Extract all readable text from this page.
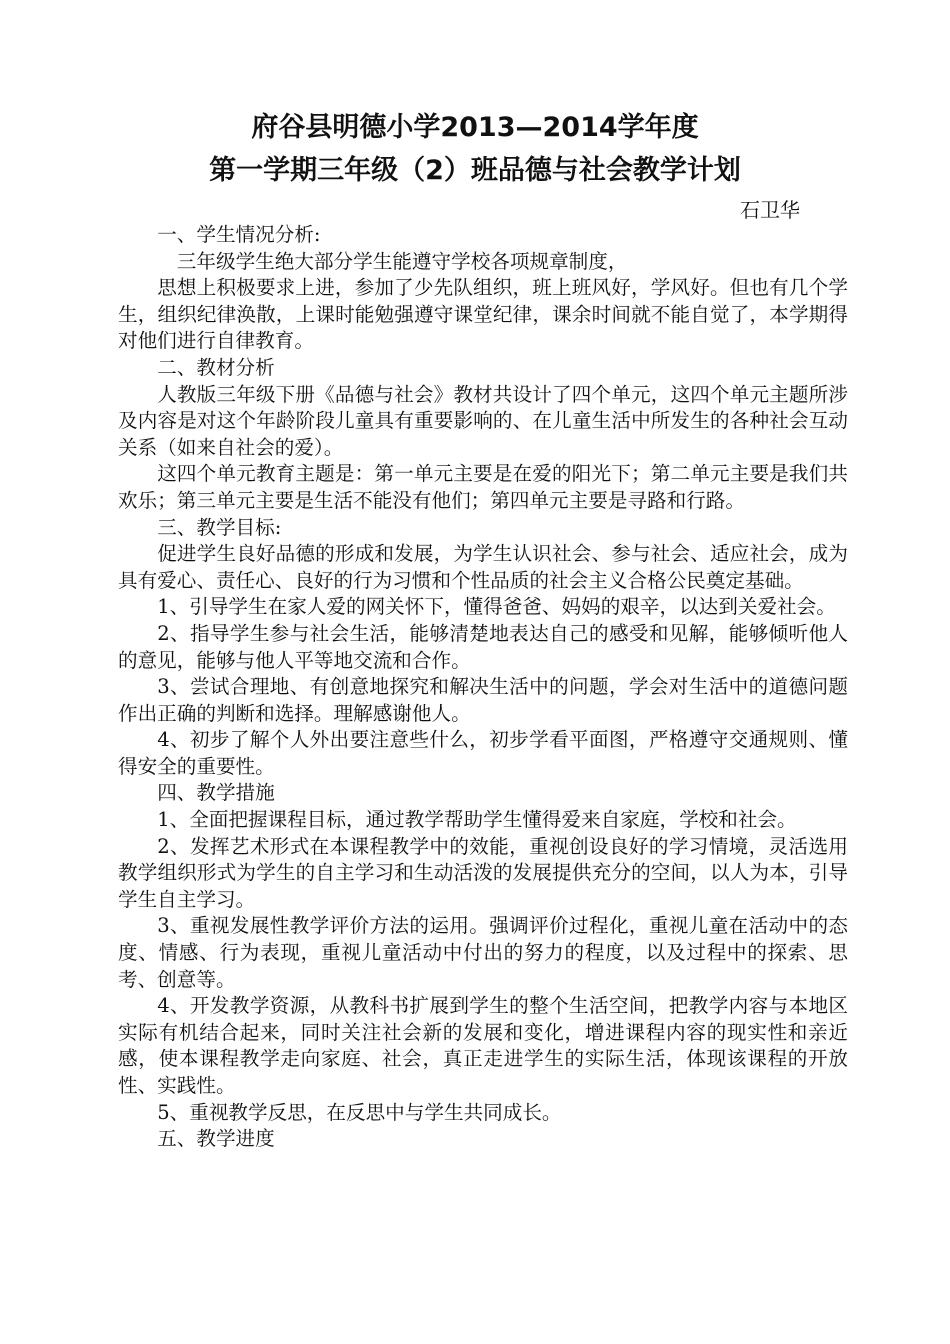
府谷县明德小学2013—2014学年度
第一学期三年级（2）班品德与社会教学计划
石卫华

一、学生情况分析:

三年级学生绝大部分学生能遵守学校各项规章制度，

思想上积极要求上进，参加了少先队组织，班上班风好，学风好。但也有几个学生，组织纪律涣散，上课时能勉强遵守课堂纪律，课余时间就不能自觉了，本学期得对他们进行自律教育。

二、教材分析

人教版三年级下册《品德与社会》教材共设计了四个单元，这四个单元主题所涉及内容是对这个年龄阶段儿童具有重要影响的、在儿童生活中所发生的各种社会互动关系（如来自社会的爱）。

这四个单元教育主题是：第一单元主要是在爱的阳光下；第二单元主要是我们共欢乐；第三单元主要是生活不能没有他们；第四单元主要是寻路和行路。

三、教学目标:

促进学生良好品德的形成和发展，为学生认识社会、参与社会、适应社会，成为具有爱心、责任心、良好的行为习惯和个性品质的社会主义合格公民奠定基础。

1、引导学生在家人爱的网关怀下，懂得爸爸、妈妈的艰辛，以达到关爱社会。

2、指导学生参与社会生活，能够清楚地表达自己的感受和见解，能够倾听他人的意见，能够与他人平等地交流和合作。

3、尝试合理地、有创意地探究和解决生活中的问题，学会对生活中的道德问题作出正确的判断和选择。理解感谢他人。

4、初步了解个人外出要注意些什么，初步学看平面图，严格遵守交通规则、懂得安全的重要性。

四、教学措施

1、全面把握课程目标，通过教学帮助学生懂得爱来自家庭，学校和社会。

2、发挥艺术形式在本课程教学中的效能，重视创设良好的学习情境，灵活选用教学组织形式为学生的自主学习和生动活泼的发展提供充分的空间，以人为本，引导学生自主学习。

3、重视发展性教学评价方法的运用。强调评价过程化，重视儿童在活动中的态度、情感、行为表现，重视儿童活动中付出的努力的程度，以及过程中的探索、思考、创意等。

4、开发教学资源，从教科书扩展到学生的整个生活空间，把教学内容与本地区实际有机结合起来，同时关注社会新的发展和变化，增进课程内容的现实性和亲近感，使本课程教学走向家庭、社会，真正走进学生的实际生活，体现该课程的开放性、实践性。

5、重视教学反思，在反思中与学生共同成长。

五、教学进度
